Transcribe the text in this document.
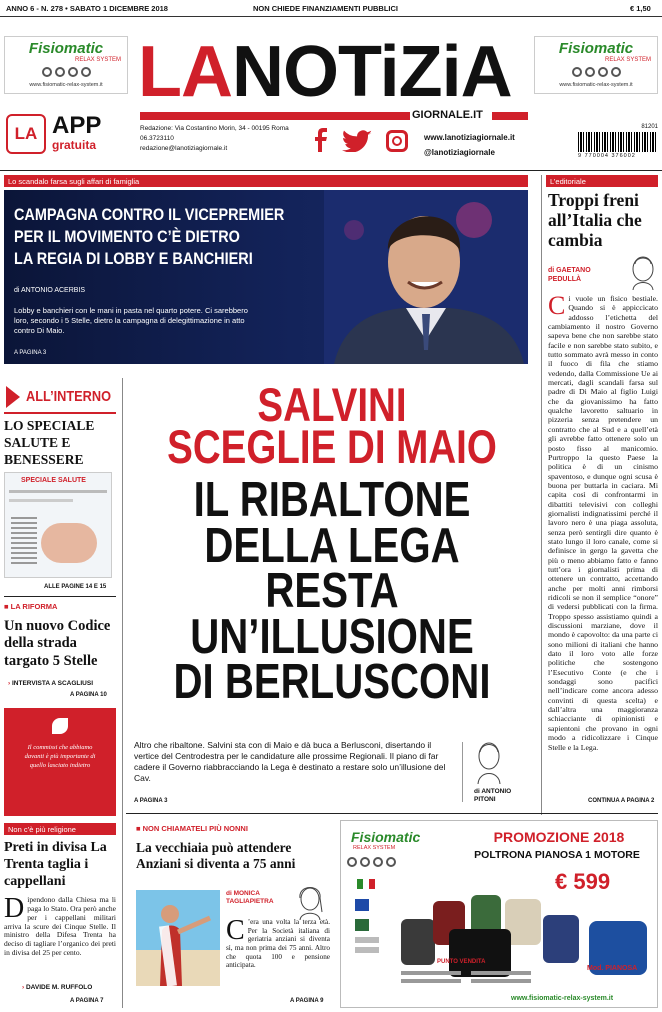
ANNO 6 - N. 278 • SABATO 1 DICEMBRE 2018	NON CHIEDE FINANZIAMENTI PUBBLICI	€ 1,50
Fisiomatic
RELAX SYSTEM
www.fisiomatic-relax-system.it
Fisiomatic
RELAX SYSTEM
www.fisiomatic-relax-system.it
LANOTiZiA
GIORNALE.IT
LA APP
gratuita
Redazione: Via Costantino Morin, 34 - 00195 Roma
06.3723110
redazione@lanotiziagiornale.it
www.lanotiziagiornale.it
@lanotiziagiornale
81201
9 770004 376002
Lo scandalo farsa sugli affari di famiglia
CAMPAGNA CONTRO IL VICEPREMIER
PER IL MOVIMENTO C’È DIETRO
LA REGIA DI LOBBY E BANCHIERI
di ANTONIO ACERBIS
Lobby e banchieri con le mani in pasta nel quarto potere. Ci sarebbero loro, secondo i 5 Stelle, dietro la campagna di delegittimazione in atto contro Di Maio.
A PAGINA 3
L’editoriale
Troppi freni all’Italia che cambia
di GAETANO PEDULLÀ

Ci vuole un fisico bestiale. Quando si è appiccicato addosso l’etichetta del cambiamento il nostro Governo sapeva bene che non sarebbe stato facile e non sarebbe stato subito, e tutto sommato avrà messo in conto il fuoco di fila che stiamo vedendo, dalla Commissione Ue ai mercati, dagli scandali farsa sul padre di Di Maio al figlio Luigi che da giovanissimo ha fatto qualche lavoretto saltuario in pizzeria senza pretendere un contratto che al Sud e a quell’età gli avrebbe fatto ottenere solo un posto fisso al manicomio. Purtroppo la questo Paese la politica è di un cinismo spaventoso, e dunque ogni scusa è buona per buttarla in caciara. Mi capita così di confrontarmi in dibattiti televisivi con colleghi giornalisti indignatissimi perché il lavoro nero è una piaga assoluta, senza però sentirgli dire quanto è stato lungo il loro canale, come si definisce in gergo la gavetta che più o meno abbiamo fatto e fanno tutt’ora i giornalisti prima di ottenere un contratto, accettando anche per molti anni rimborsi ridicoli se non il semplice “onore” di vedersi pubblicati con la firma. Troppo spesso assistiamo quindi a discussioni marziane, dove il mondo è capovolto: da una parte ci sono milioni di italiani che hanno dato il loro voto alle forze politiche che sostengono l’Esecutivo Conte (e che i sondaggi sono pacifici nell’indicare come ancora adesso convinti di questa scelta) e dall’altra una maggioranza schiacciante di opinionisti e sapientoni che provano in ogni modo a ridicolizzare i Cinque Stelle e la Lega.

CONTINUA A PAGINA 2
ALL’INTERNO
LO SPECIALE SALUTE E BENESSERE
SPECIALE SALUTE
ALLE PAGINE 14 E 15
■ LA RIFORMA
Un nuovo Codice della strada targato 5 Stelle
› INTERVISTA A SCAGLIUSI
A PAGINA 10
Il commissi che abbiamo davanti è più importante di quello lasciato indietro
Non c’è più religione
Preti in divisa La Trenta taglia i cappellani

Dipendono dalla Chiesa ma li paga lo Stato. Ora però anche per i cappellani militari arriva la scure dei Cinque Stelle. Il ministro della Difesa Trenta ha deciso di tagliare l’organico dei preti in divisa del 25 per cento.

› DAVIDE M. RUFFOLO
A PAGINA 7
SALVINI
SCEGLIE DI MAIO
IL RIBALTONE
DELLA LEGA
RESTA
UN’ILLUSIONE
DI BERLUSCONI
Altro che ribaltone. Salvini sta con di Maio e dà buca a Berlusconi, disertando il vertice del Centrodestra per le candidature alle prossime Regionali. Il piano di far cadere il Governo riabbracciando la Lega è destinato a restare solo un’illusione del Cav.
A PAGINA 3
di ANTONIO PITONI
■ NON CHIAMATELI PIÙ NONNI
La vecchiaia può attendere Anziani si diventa a 75 anni
di MONICA TAGLIAPIETRA

C ’era una volta la terza età. Per la Società italiana di geriatria anziani si diventa sì, ma non prima dei 75 anni. Altro che quota 100 e pensione anticipata.

A PAGINA 9
Fisiomatic
RELAX SYSTEM
PROMOZIONE 2018
POLTRONA PIANOSA 1 MOTORE
€ 599
Mod. PIANOSA
PUNTO VENDITA
www.fisiomatic-relax-system.it
